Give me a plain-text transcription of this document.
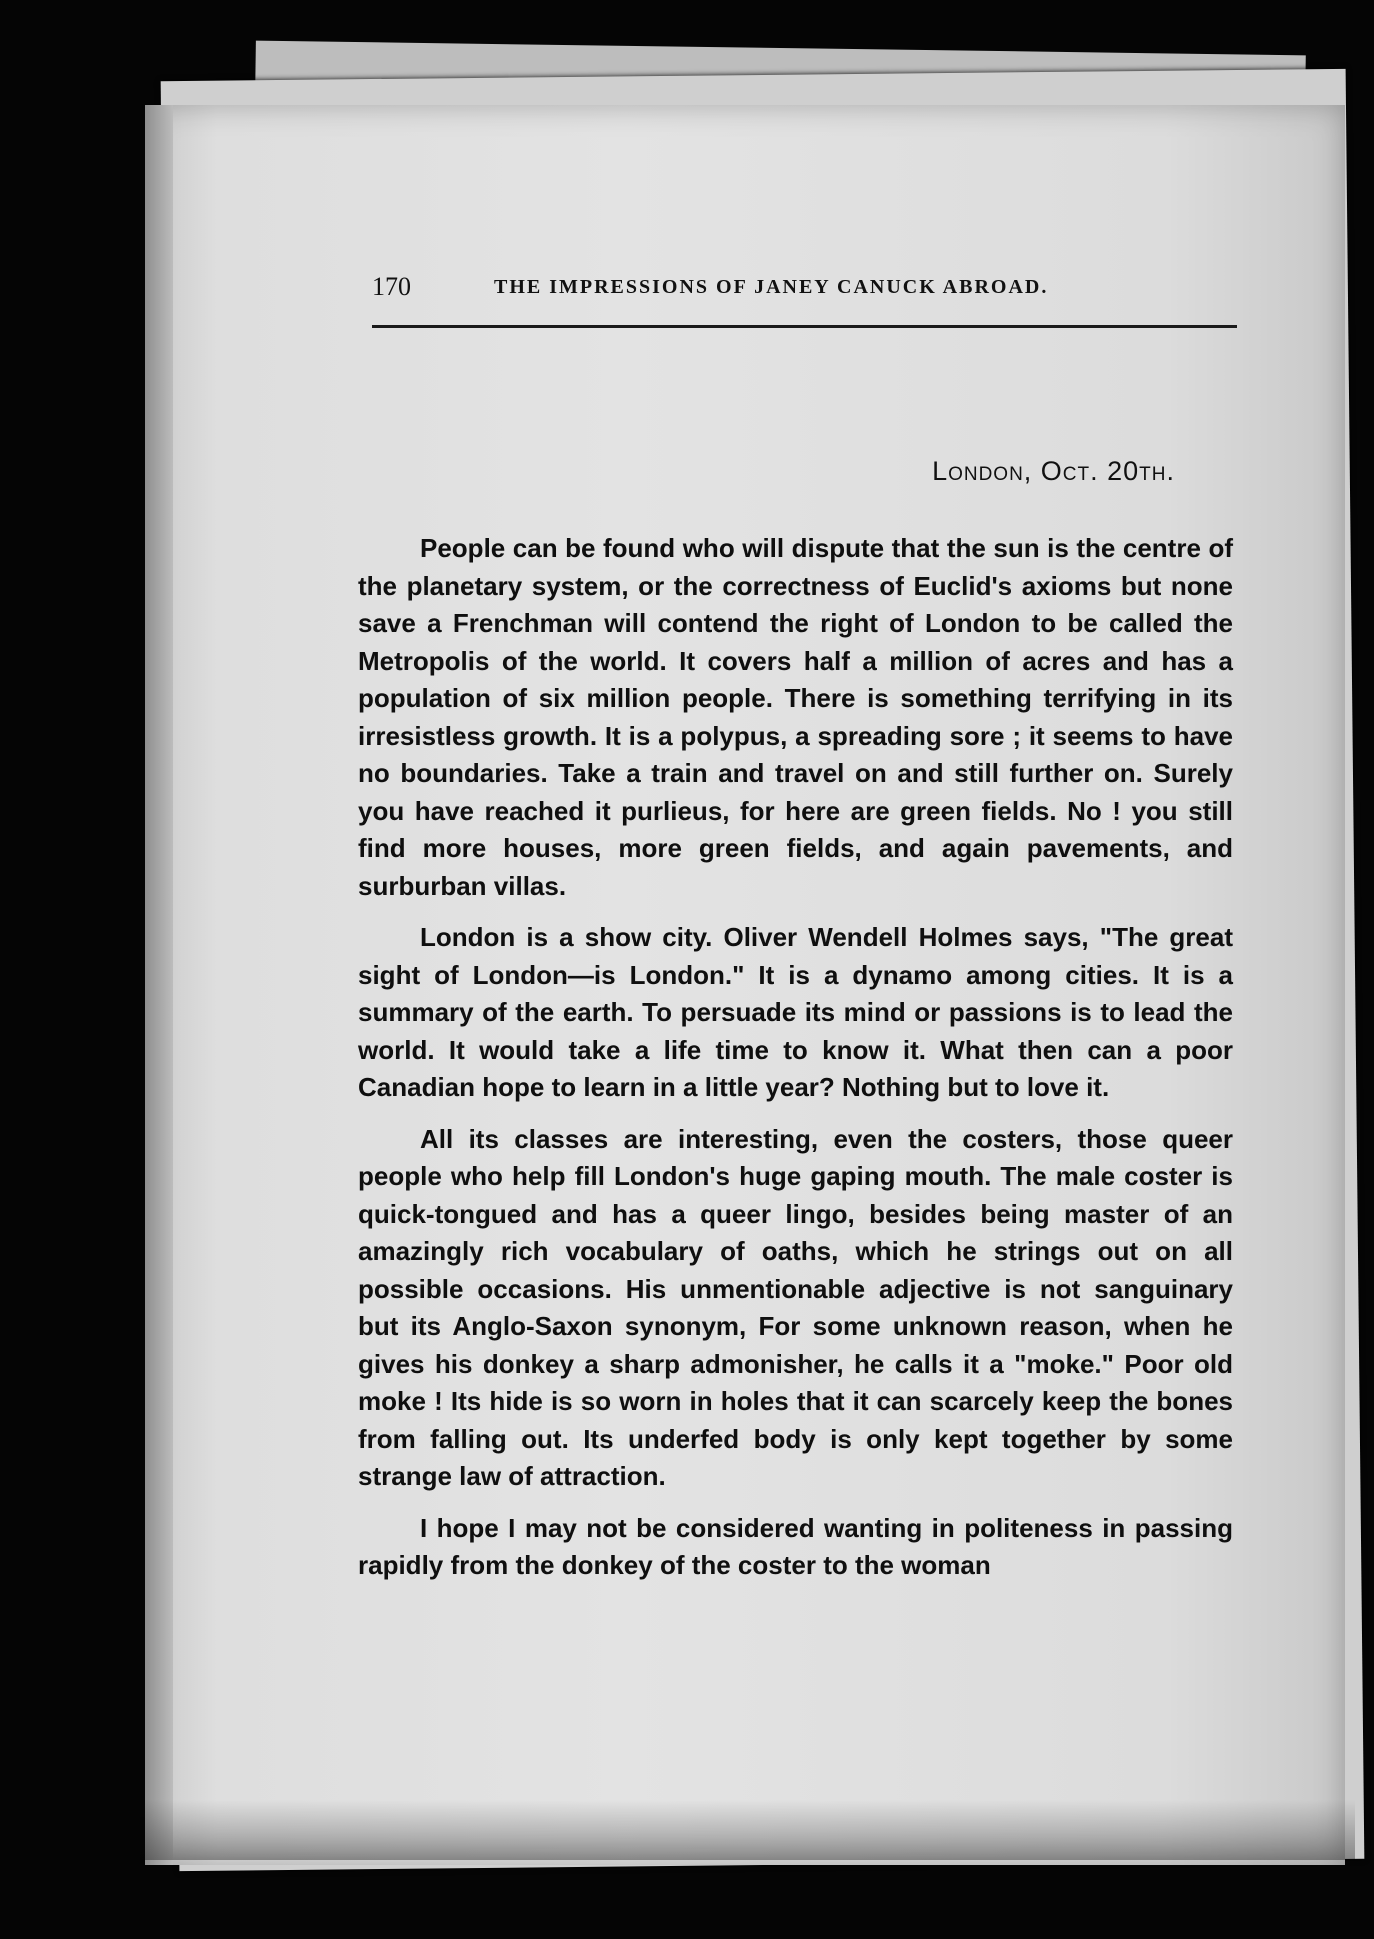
170	THE IMPRESSIONS OF JANEY CANUCK ABROAD.
London, Oct. 20th.

People can be found who will dispute that the sun is the centre of the planetary system, or the correctness of Euclid's axioms but none save a Frenchman will contend the right of London to be called the Metropolis of the world. It covers half a million of acres and has a population of six million people. There is something terrifying in its irresistless growth. It is a polypus, a spreading sore ; it seems to have no boundaries. Take a train and travel on and still further on. Surely you have reached it purlieus, for here are green fields. No ! you still find more houses, more green fields, and again pavements, and surburban villas.

London is a show city. Oliver Wendell Holmes says, "The great sight of London—is London." It is a dynamo among cities. It is a summary of the earth. To persuade its mind or passions is to lead the world. It would take a life time to know it. What then can a poor Canadian hope to learn in a little year? Nothing but to love it.

All its classes are interesting, even the costers, those queer people who help fill London's huge gaping mouth. The male coster is quick-tongued and has a queer lingo, besides being master of an amazingly rich vocabulary of oaths, which he strings out on all possible occasions. His unmentionable adjective is not sanguinary but its Anglo-Saxon synonym, For some unknown reason, when he gives his donkey a sharp admonisher, he calls it a "moke." Poor old moke ! Its hide is so worn in holes that it can scarcely keep the bones from falling out. Its underfed body is only kept together by some strange law of attraction.

I hope I may not be considered wanting in politeness in passing rapidly from the donkey of the coster to the woman
